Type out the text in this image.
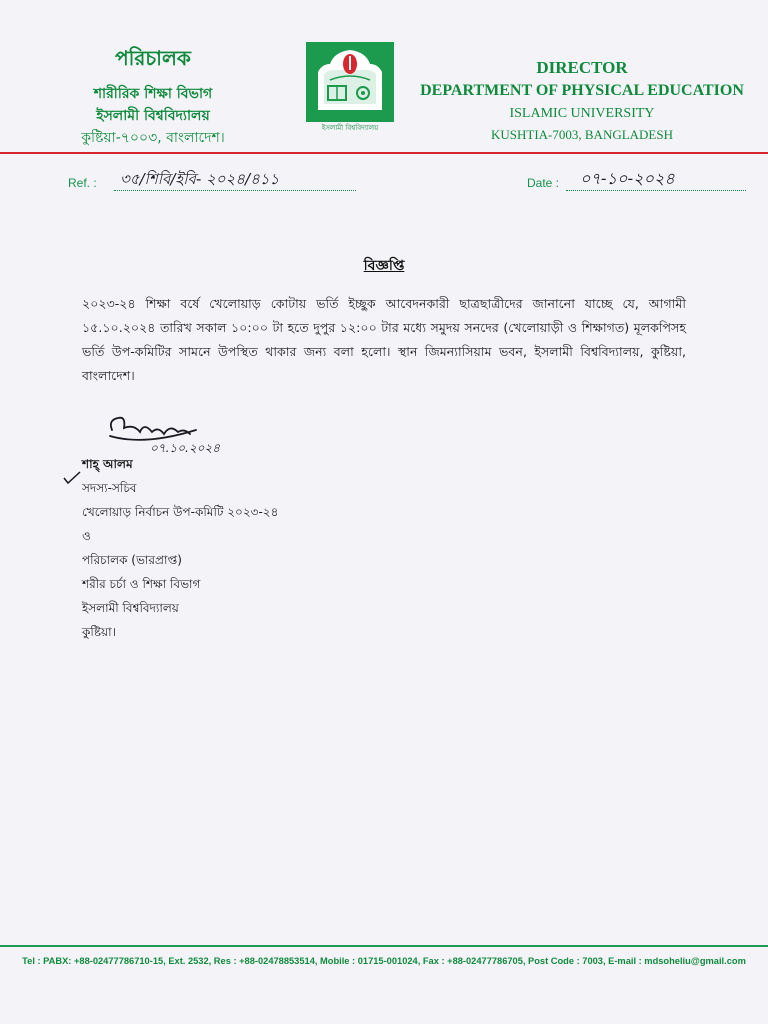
পরিচালক
শারীরিক শিক্ষা বিভাগ
ইসলামী বিশ্ববিদ্যালয়
কুষ্টিয়া-৭০০৩, বাংলাদেশ।
ইসলামী বিশ্ববিদ্যালয়
DIRECTOR
DEPARTMENT OF PHYSICAL EDUCATION
ISLAMIC UNIVERSITY
KUSHTIA-7003, BANGLADESH
Ref. : ৩৫/শিবি/ইবি- ২০২৪/৪১১	Date : ০৭-১০-২০২৪
বিজ্ঞপ্তি
২০২৩-২৪ শিক্ষা বর্ষে খেলোয়াড় কোটায় ভর্তি ইচ্ছুক আবেদনকারী ছাত্রছাত্রীদের জানানো যাচ্ছে যে, আগামী ১৫.১০.২০২৪ তারিখ সকাল ১০:০০ টা হতে দুপুর ১২:০০ টার মধ্যে সমুদয় সনদের (খেলোয়াড়ী ও শিক্ষাগত) মূলকপিসহ ভর্তি উপ-কমিটির সামনে উপস্থিত থাকার জন্য বলা হলো। স্থান জিমন্যাসিয়াম ভবন, ইসলামী বিশ্ববিদ্যালয়, কুষ্টিয়া, বাংলাদেশ।
০৭.১০.২০২৪
শাহ্ আলম
সদস্য-সচিব
খেলোয়াড় নির্বাচন উপ-কমিটি ২০২৩-২৪
ও
পরিচালক (ভারপ্রাপ্ত)
শরীর চর্চা ও শিক্ষা বিভাগ
ইসলামী বিশ্ববিদ্যালয়
কুষ্টিয়া।
Tel : PABX: +88-02477786710-15, Ext. 2532, Res : +88-02478853514, Mobile : 01715-001024, Fax : +88-02477786705, Post Code : 7003, E-mail : mdsoheliu@gmail.com
